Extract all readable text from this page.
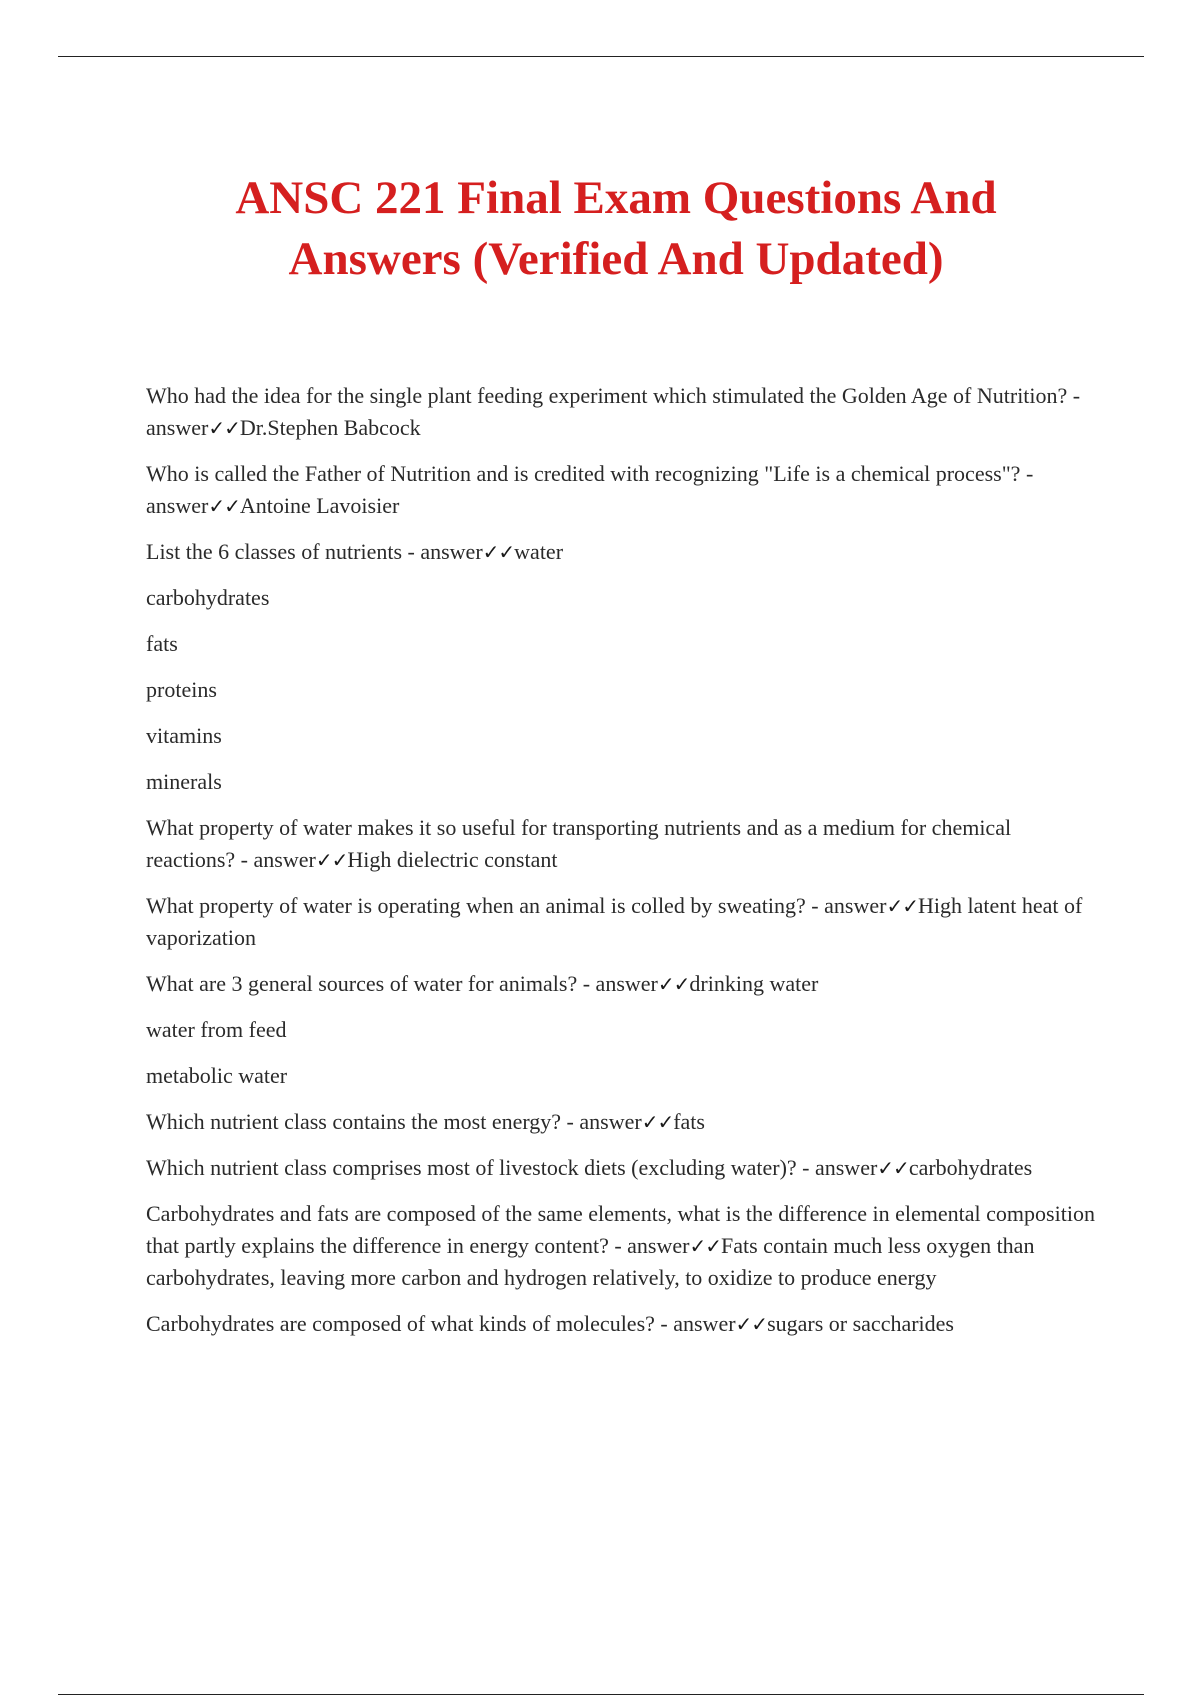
ANSC 221 Final Exam Questions And
Answers (Verified And Updated)

Who had the idea for the single plant feeding experiment which stimulated the Golden Age of Nutrition? - answer✓✓Dr.Stephen Babcock

Who is called the Father of Nutrition and is credited with recognizing "Life is a chemical process"? - answer✓✓Antoine Lavoisier

List the 6 classes of nutrients - answer✓✓water

carbohydrates

fats

proteins

vitamins

minerals

What property of water makes it so useful for transporting nutrients and as a medium for chemical reactions? - answer✓✓High dielectric constant

What property of water is operating when an animal is colled by sweating? - answer✓✓High latent heat of vaporization

What are 3 general sources of water for animals? - answer✓✓drinking water

water from feed

metabolic water

Which nutrient class contains the most energy? - answer✓✓fats

Which nutrient class comprises most of livestock diets (excluding water)? - answer✓✓carbohydrates

Carbohydrates and fats are composed of the same elements, what is the difference in elemental composition that partly explains the difference in energy content? - answer✓✓Fats contain much less oxygen than carbohydrates, leaving more carbon and hydrogen relatively, to oxidize to produce energy

Carbohydrates are composed of what kinds of molecules? - answer✓✓sugars or saccharides
